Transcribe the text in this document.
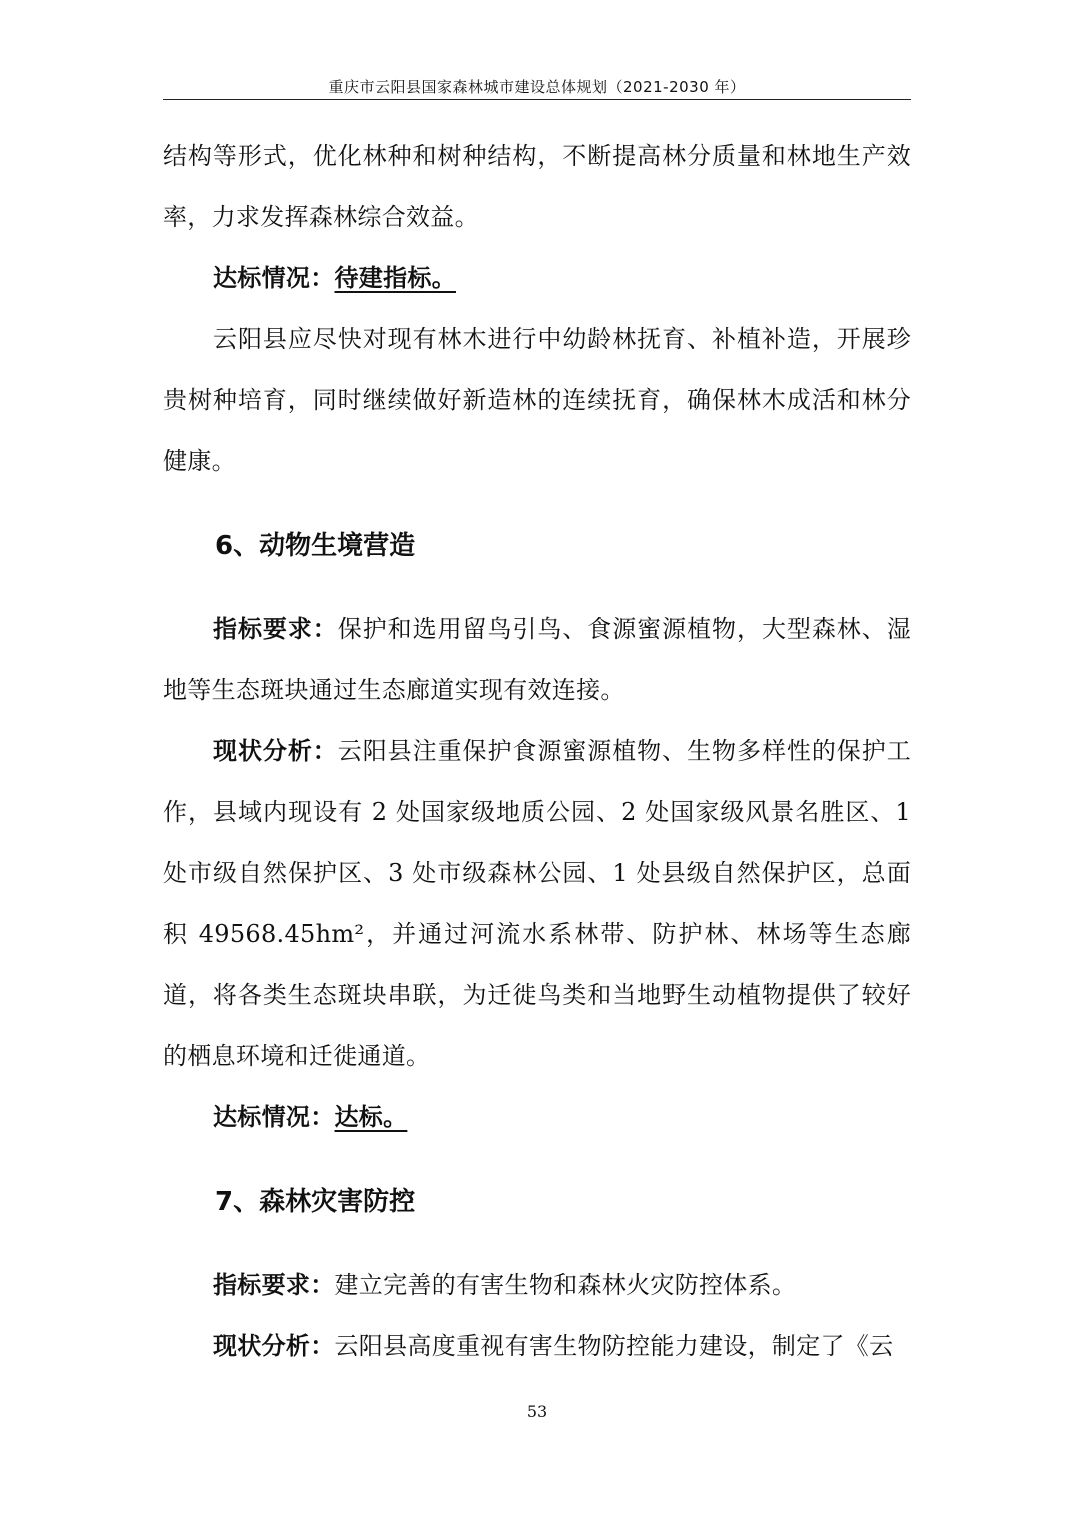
重庆市云阳县国家森林城市建设总体规划（2021-2030 年）

结构等形式，优化林种和树种结构，不断提高林分质量和林地生产效率，力求发挥森林综合效益。

达标情况：待建指标。

云阳县应尽快对现有林木进行中幼龄林抚育、补植补造，开展珍贵树种培育，同时继续做好新造林的连续抚育，确保林木成活和林分健康。

6、动物生境营造

指标要求：保护和选用留鸟引鸟、食源蜜源植物，大型森林、湿地等生态斑块通过生态廊道实现有效连接。

现状分析：云阳县注重保护食源蜜源植物、生物多样性的保护工作，县域内现设有 2 处国家级地质公园、2 处国家级风景名胜区、1 处市级自然保护区、3 处市级森林公园、1 处县级自然保护区，总面积 49568.45hm²，并通过河流水系林带、防护林、林场等生态廊道，将各类生态斑块串联，为迁徙鸟类和当地野生动植物提供了较好的栖息环境和迁徙通道。

达标情况：达标。

7、森林灾害防控

指标要求：建立完善的有害生物和森林火灾防控体系。

现状分析：云阳县高度重视有害生物防控能力建设，制定了《云

53
